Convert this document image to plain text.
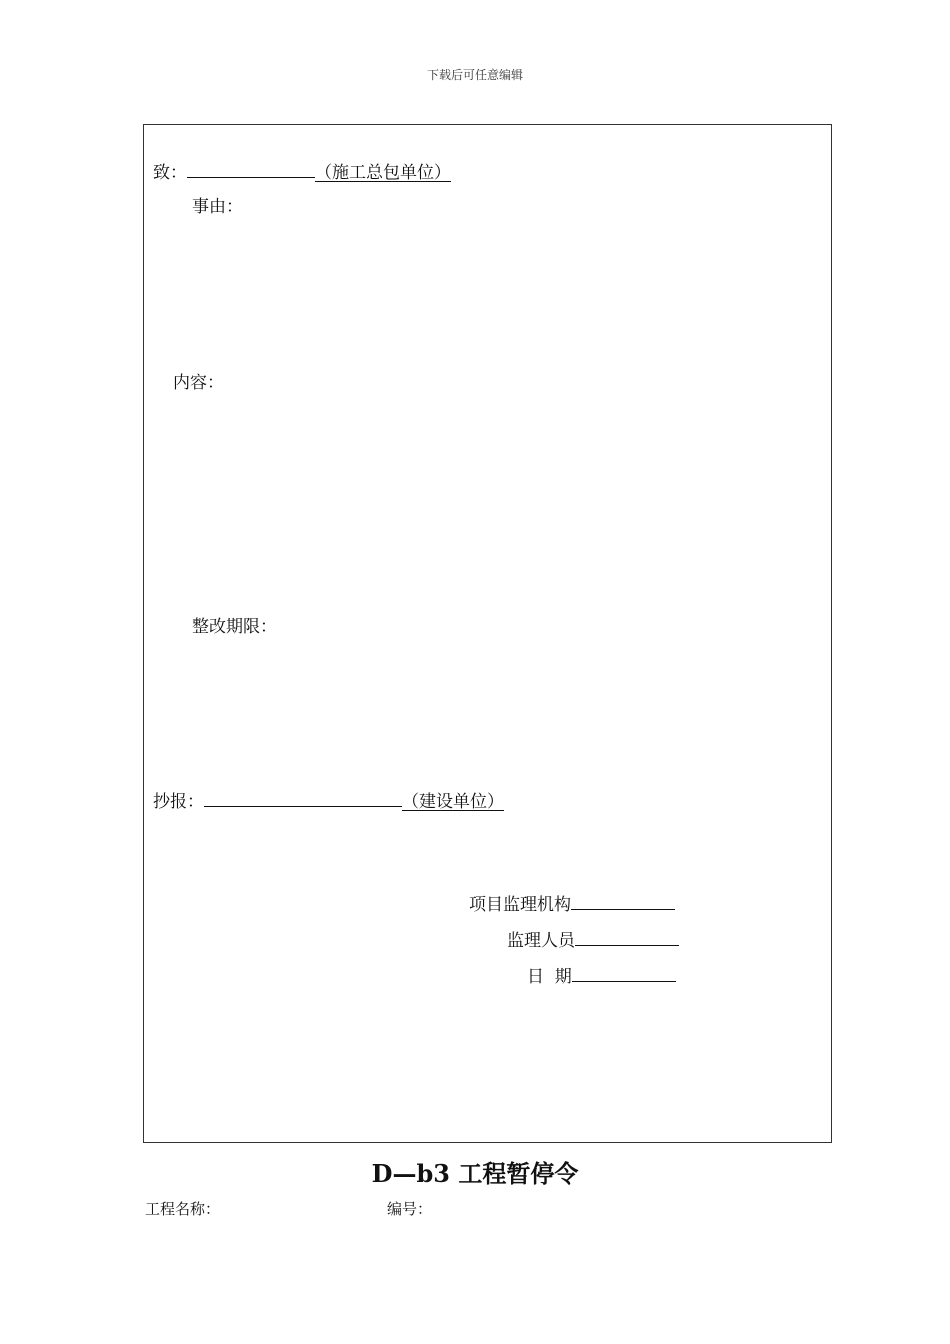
下载后可任意编辑
致：	（施工总包单位）
事由：
内容：
整改期限：
抄报：	（建设单位）
项目监理机构
监理人员
日  期
D—b3 工程暂停令
工程名称：	编号：
